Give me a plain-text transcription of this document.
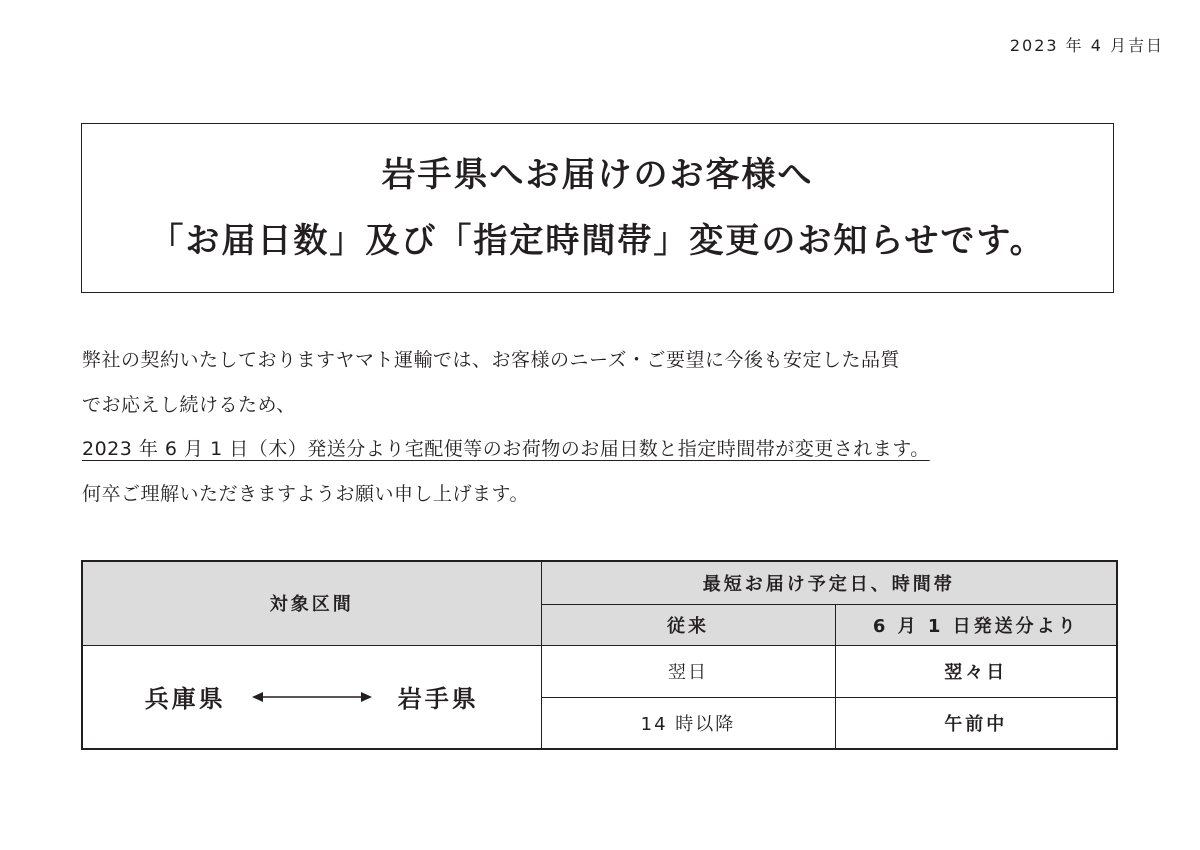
2023 年 4 月吉日
岩手県へお届けのお客様へ
「お届日数」及び「指定時間帯」変更のお知らせです。

弊社の契約いたしておりますヤマト運輸では、お客様のニーズ・ご要望に今後も安定した品質

でお応えし続けるため、

2023 年 6 月 1 日（木）発送分より宅配便等のお荷物のお届日数と指定時間帯が変更されます。

何卒ご理解いただきますようお願い申し上げます。

対象区間	最短お届け予定日、時間帯	
	従来	6 月 1 日発送分より

兵庫県 岩手県	翌日	翌々日
	14 時以降	午前中
